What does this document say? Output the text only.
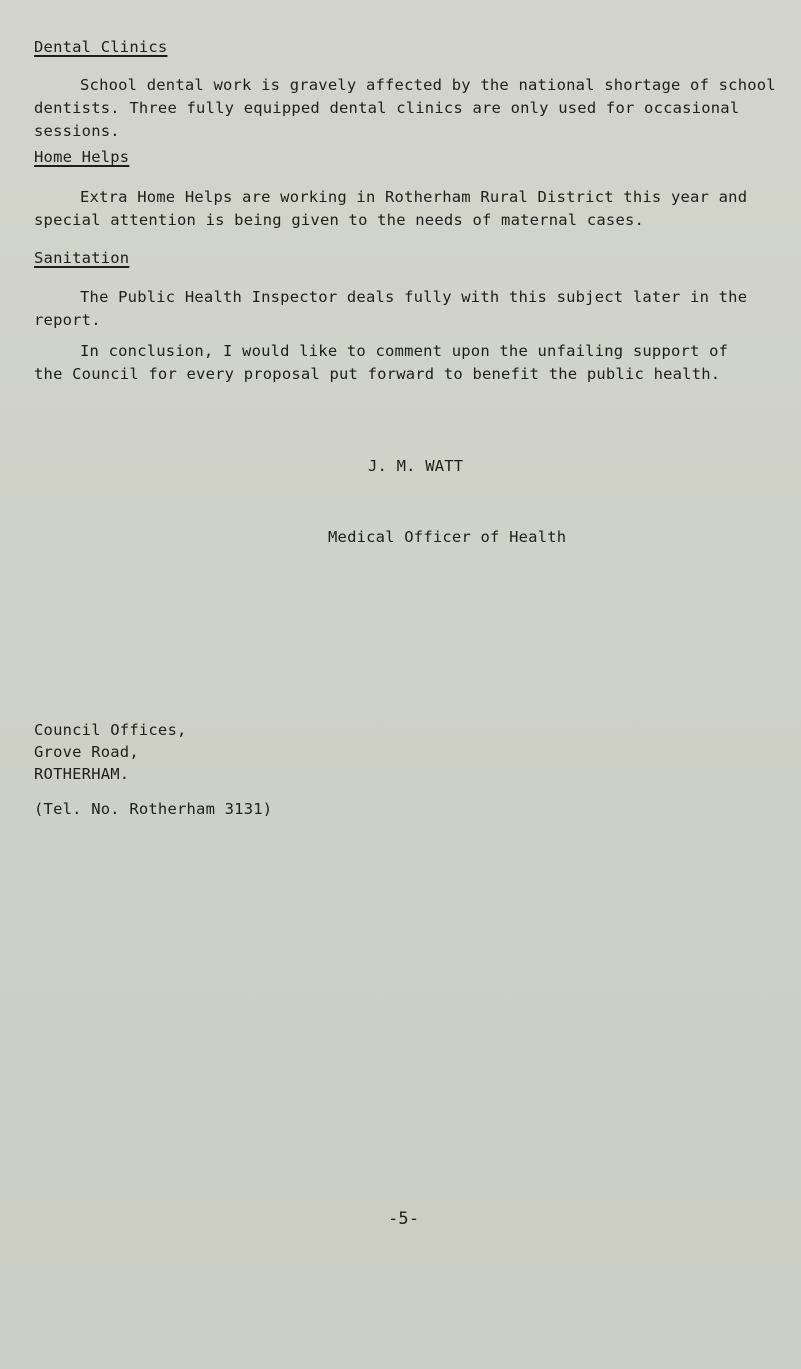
Dental Clinics
School dental work is gravely affected by the national shortage of school
dentists. Three fully equipped dental clinics are only used for occasional
sessions.
Home Helps
Extra Home Helps are working in Rotherham Rural District this year and
special attention is being given to the needs of maternal cases.
Sanitation
The Public Health Inspector deals fully with this subject later in the
report.
In conclusion, I would like to comment upon the unfailing support of
the Council for every proposal put forward to benefit the public health.
J. M. WATT
Medical Officer of Health
Council Offices,
Grove Road,
ROTHERHAM.
(Tel. No. Rotherham 3131)
-5-
